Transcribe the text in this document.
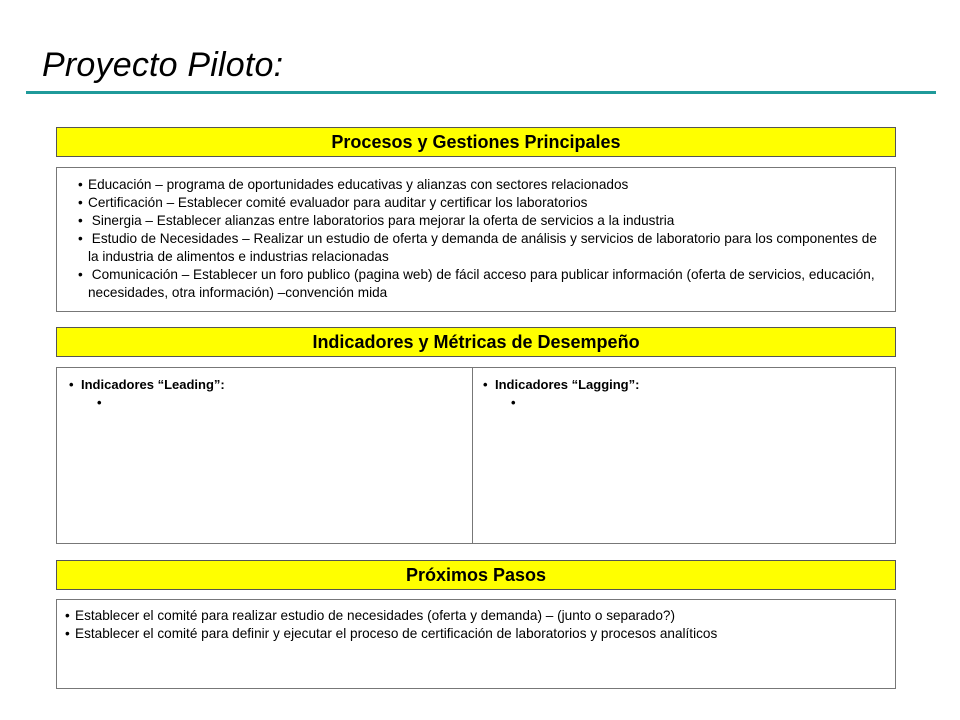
Proyecto Piloto:
Procesos y Gestiones Principales
• Educación – programa de oportunidades educativas y alianzas con sectores relacionados
• Certificación – Establecer comité evaluador para auditar y certificar los laboratorios
• Sinergia – Establecer alianzas entre laboratorios para mejorar la oferta de servicios a la industria
• Estudio de Necesidades – Realizar un estudio de oferta y demanda de análisis y servicios de laboratorio para los componentes de la industria de alimentos e industrias relacionadas
• Comunicación – Establecer un foro publico (pagina web) de fácil acceso para publicar información (oferta de servicios, educación, necesidades, otra información) –convención mida
Indicadores y Métricas de Desempeño
• Indicadores “Leading”:
•
• Indicadores “Lagging”:
•
Próximos Pasos
• Establecer el comité para realizar estudio de necesidades (oferta y demanda) – (junto o separado?)
• Establecer el comité para definir y ejecutar el proceso de certificación de laboratorios y procesos analíticos
